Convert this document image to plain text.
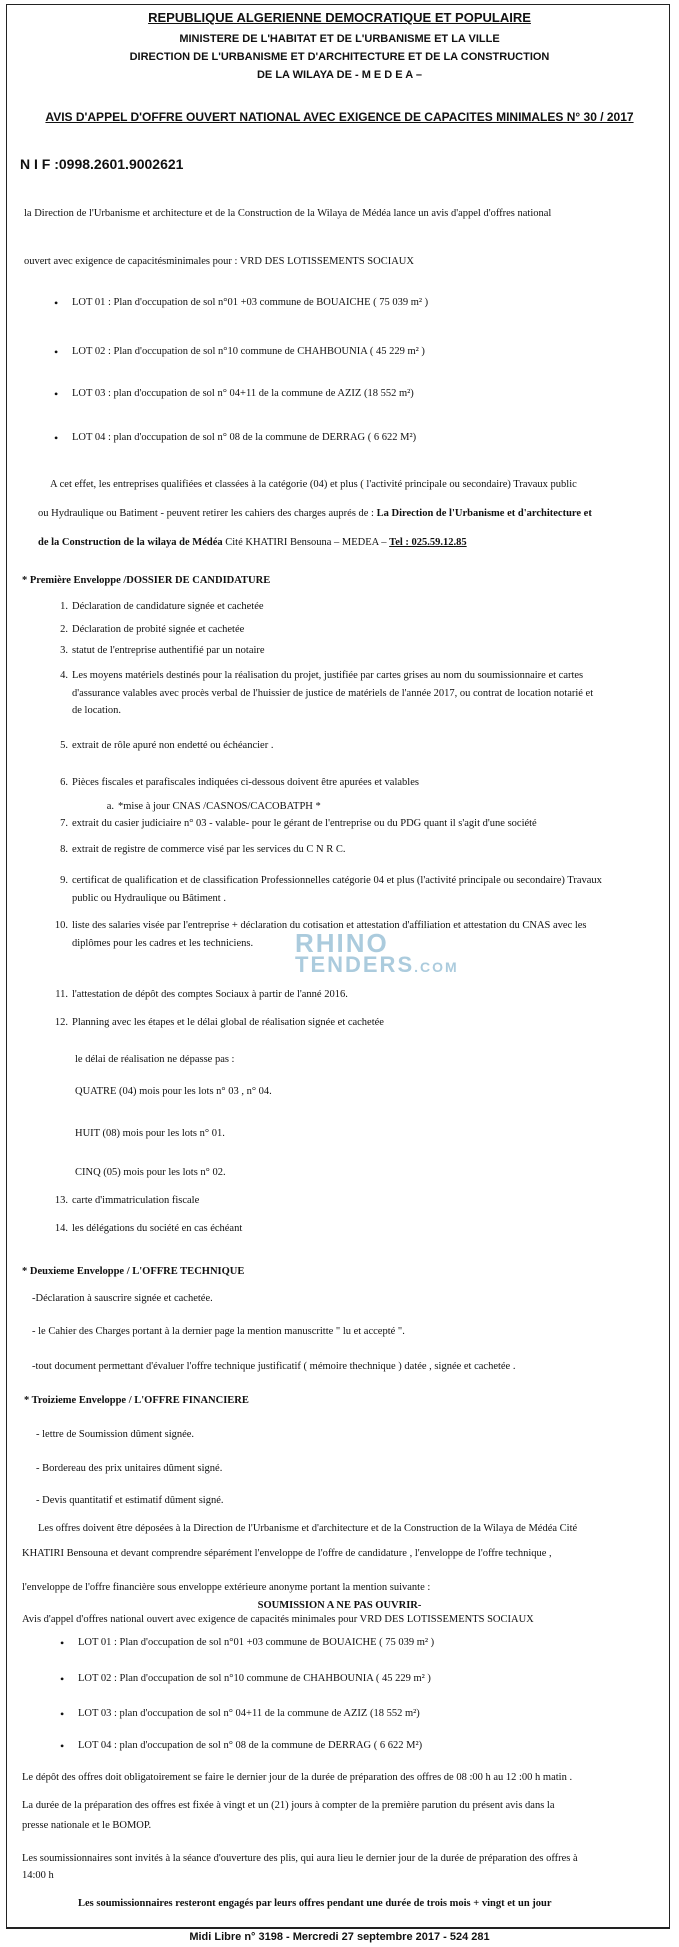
REPUBLIQUE ALGERIENNE DEMOCRATIQUE ET POPULAIRE
MINISTERE DE L'HABITAT ET DE L'URBANISME ET LA VILLE
DIRECTION DE L'URBANISME ET D'ARCHITECTURE ET DE LA CONSTRUCTION
DE LA WILAYA DE - M E D E A –
AVIS D'APPEL D'OFFRE OUVERT NATIONAL AVEC EXIGENCE DE CAPACITES MINIMALES N° 30 / 2017
N I F :0998.2601.9002621
la Direction de l'Urbanisme et architecture et de la Construction de la Wilaya de Médéa lance un avis d'appel d'offres national
ouvert avec exigence de capacitésminimales pour : VRD DES LOTISSEMENTS SOCIAUX
• LOT 01 : Plan d'occupation de sol n°01 +03 commune de BOUAICHE ( 75 039 m² )
• LOT 02 : Plan d'occupation de sol n°10 commune de CHAHBOUNIA ( 45 229 m² )
• LOT 03 : plan d'occupation de sol n° 04+11 de la commune de AZIZ (18 552 m²)
• LOT 04 : plan d'occupation de sol n° 08 de la commune de DERRAG ( 6 622 M²)
A cet effet, les entreprises qualifiées et classées à la catégorie (04) et plus ( l'activité principale ou secondaire) Travaux public
ou Hydraulique ou Batiment - peuvent retirer les cahiers des charges auprés de : La Direction de l'Urbanisme et d'architecture et
de la Construction de la wilaya de Médéa Cité KHATIRI Bensouna – MEDEA – Tel : 025.59.12.85
* Première Enveloppe /DOSSIER DE CANDIDATURE
1. Déclaration de candidature signée et cachetée
2. Déclaration de probité signée et cachetée
3. statut de l'entreprise authentifié par un notaire
4. Les moyens matériels destinés pour la réalisation du projet, justifiée par cartes grises au nom du soumissionnaire et cartes
d'assurance valables avec procès verbal de l'huissier de justice de matériels de l'année 2017, ou contrat de location notarié et
de location.
5. extrait de rôle apuré non endetté ou échéancier .
6. Pièces fiscales et parafiscales indiquées ci-dessous doivent être apurées et valables
a. *mise à jour CNAS /CASNOS/CACOBATPH *
7. extrait du casier judiciaire n° 03 - valable- pour le gérant de l'entreprise ou du PDG quant il s'agit d'une société
8. extrait de registre de commerce visé par les services du C N R C.
9. certificat de qualification et de classification Professionnelles catégorie 04 et plus (l'activité principale ou secondaire) Travaux
public ou Hydraulique ou Bâtiment .
10. liste des salaries visée par l'entreprise + déclaration du cotisation et attestation d'affiliation et attestation du CNAS avec les
diplômes pour les cadres et les techniciens.
11. l'attestation de dépôt des comptes Sociaux à partir de l'anné 2016.
12. Planning avec les étapes et le délai global de réalisation signée et cachetée
le délai de réalisation ne dépasse pas :
QUATRE (04) mois pour les lots n° 03 , n° 04.
HUIT (08) mois pour les lots n° 01.
CINQ (05) mois pour les lots n° 02.
13. carte d'immatriculation fiscale
14. les délégations du société en cas échéant
* Deuxieme Enveloppe / L'OFFRE TECHNIQUE
-Déclaration à sauscrire signée et cachetée.
- le Cahier des Charges portant à la dernier page la mention manuscritte " lu et accepté ".
-tout document permettant d'évaluer l'offre technique justificatif ( mémoire thechnique ) datée , signée et cachetée .
* Troizieme Enveloppe / L'OFFRE FINANCIERE
- lettre de Soumission dûment signée.
- Bordereau des prix unitaires dûment signé.
- Devis quantitatif et estimatif dûment signé.
Les offres doivent être déposées à la Direction de l'Urbanisme et d'architecture et de la Construction de la Wilaya de Médéa Cité
KHATIRI Bensouna et devant comprendre séparément l'enveloppe de l'offre de candidature , l'enveloppe de l'offre technique ,
l'enveloppe de l'offre financière sous enveloppe extérieure anonyme portant la mention suivante :
SOUMISSION A NE PAS OUVRIR-
Avis d'appel d'offres national ouvert avec exigence de capacités minimales pour VRD DES LOTISSEMENTS SOCIAUX
• LOT 01 : Plan d'occupation de sol n°01 +03 commune de BOUAICHE ( 75 039 m² )
• LOT 02 : Plan d'occupation de sol n°10 commune de CHAHBOUNIA ( 45 229 m² )
• LOT 03 : plan d'occupation de sol n° 04+11 de la commune de AZIZ (18 552 m²)
• LOT 04 : plan d'occupation de sol n° 08 de la commune de DERRAG ( 6 622 M²)
Le dépôt des offres doit obligatoirement se faire le dernier jour de la durée de préparation des offres de 08 :00 h au 12 :00 h matin .
La durée de la préparation des offres est fixée à vingt et un (21) jours à compter de la première parution du présent avis dans la
presse nationale et le BOMOP.
Les soumissionnaires sont invités à la séance d'ouverture des plis, qui aura lieu le dernier jour de la durée de préparation des offres à
14:00 h
Les soumissionnaires resteront engagés par leurs offres pendant une durée de trois mois + vingt et un jour
RHINO
TENDERS.COM
Midi Libre n° 3198 - Mercredi 27 septembre 2017 - 524 281
